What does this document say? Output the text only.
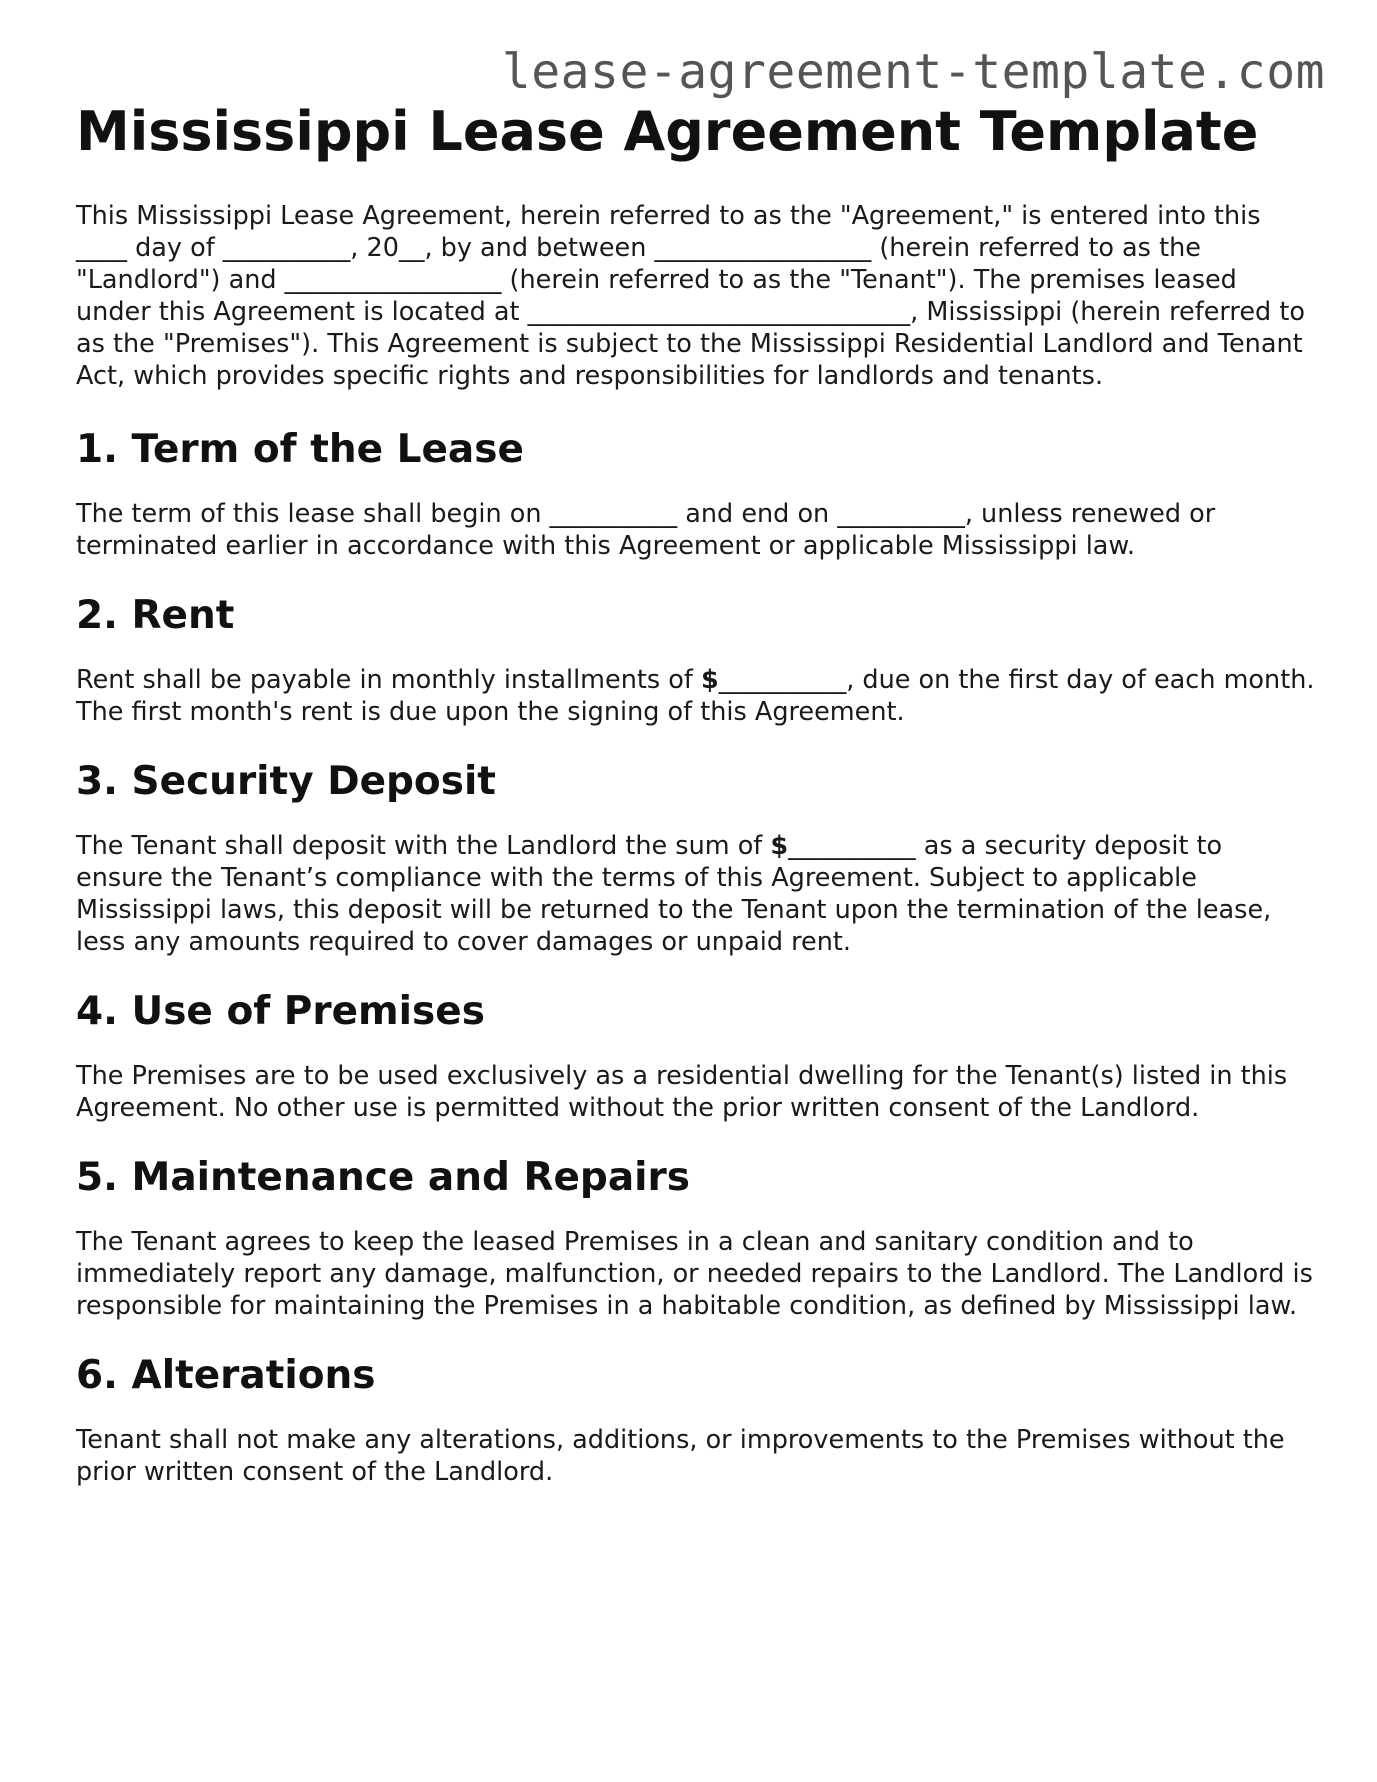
lease-agreement-template.com
Mississippi Lease Agreement Template

This Mississippi Lease Agreement, herein referred to as the "Agreement," is entered into this ____ day of __________, 20__, by and between _________________ (herein referred to as the "Landlord") and _________________ (herein referred to as the "Tenant"). The premises leased under this Agreement is located at ______________________________, Mississippi (herein referred to as the "Premises"). This Agreement is subject to the Mississippi Residential Landlord and Tenant Act, which provides specific rights and responsibilities for landlords and tenants.

1. Term of the Lease

The term of this lease shall begin on __________ and end on __________, unless renewed or terminated earlier in accordance with this Agreement or applicable Mississippi law.

2. Rent

Rent shall be payable in monthly installments of $__________, due on the first day of each month. The first month's rent is due upon the signing of this Agreement.

3. Security Deposit

The Tenant shall deposit with the Landlord the sum of $__________ as a security deposit to ensure the Tenant’s compliance with the terms of this Agreement. Subject to applicable Mississippi laws, this deposit will be returned to the Tenant upon the termination of the lease, less any amounts required to cover damages or unpaid rent.

4. Use of Premises

The Premises are to be used exclusively as a residential dwelling for the Tenant(s) listed in this Agreement. No other use is permitted without the prior written consent of the Landlord.

5. Maintenance and Repairs

The Tenant agrees to keep the leased Premises in a clean and sanitary condition and to immediately report any damage, malfunction, or needed repairs to the Landlord. The Landlord is responsible for maintaining the Premises in a habitable condition, as defined by Mississippi law.

6. Alterations

Tenant shall not make any alterations, additions, or improvements to the Premises without the prior written consent of the Landlord.
